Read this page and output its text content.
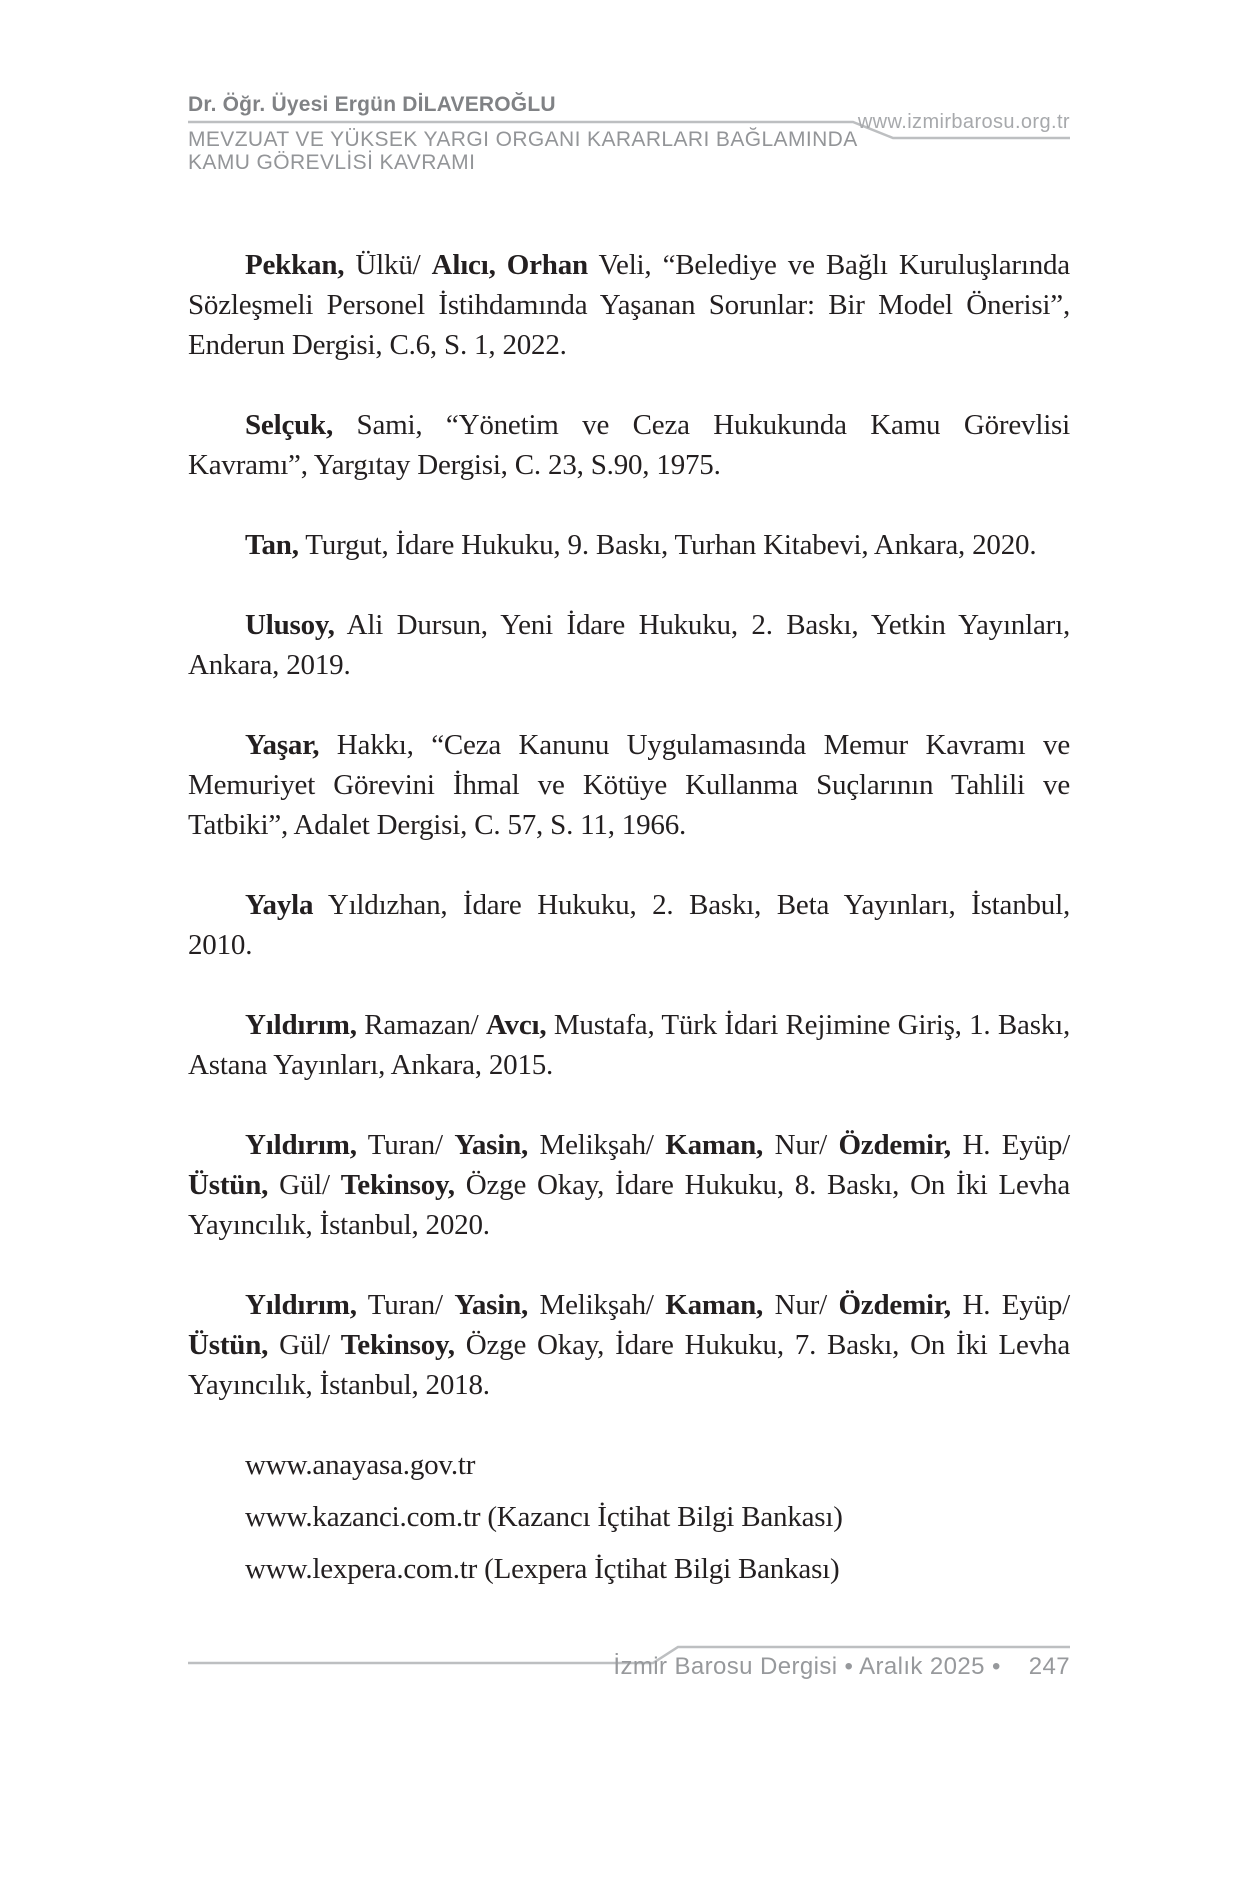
Dr. Öğr. Üyesi Ergün DİLAVEROĞLU
MEVZUAT VE YÜKSEK YARGI ORGANI KARARLARI BAĞLAMINDA
KAMU GÖREVLİSİ KAVRAMI
www.izmirbarosu.org.tr

Pekkan, Ülkü/ Alıcı, Orhan Veli, “Belediye ve Bağlı Kuruluşlarında Sözleşmeli Personel İstihdamında Yaşanan Sorunlar: Bir Model Önerisi”, Enderun Dergisi, C.6, S. 1, 2022.

Selçuk, Sami, “Yönetim ve Ceza Hukukunda Kamu Görevlisi Kavramı”, Yargıtay Dergisi, C. 23, S.90, 1975.

Tan, Turgut, İdare Hukuku, 9. Baskı, Turhan Kitabevi, Ankara, 2020.

Ulusoy, Ali Dursun, Yeni İdare Hukuku, 2. Baskı, Yetkin Yayınları, Ankara, 2019.

Yaşar, Hakkı, “Ceza Kanunu Uygulamasında Memur Kavramı ve Memuriyet Görevini İhmal ve Kötüye Kullanma Suçlarının Tahlili ve Tatbiki”, Adalet Dergisi, C. 57, S. 11, 1966.

Yayla Yıldızhan, İdare Hukuku, 2. Baskı, Beta Yayınları, İstanbul, 2010.

Yıldırım, Ramazan/ Avcı, Mustafa, Türk İdari Rejimine Giriş, 1. Baskı, Astana Yayınları, Ankara, 2015.

Yıldırım, Turan/ Yasin, Melikşah/ Kaman, Nur/ Özdemir, H. Eyüp/ Üstün, Gül/ Tekinsoy, Özge Okay, İdare Hukuku, 8. Baskı, On İki Levha Yayıncılık, İstanbul, 2020.

Yıldırım, Turan/ Yasin, Melikşah/ Kaman, Nur/ Özdemir, H. Eyüp/ Üstün, Gül/ Tekinsoy, Özge Okay, İdare Hukuku, 7. Baskı, On İki Levha Yayıncılık, İstanbul, 2018.

www.anayasa.gov.tr

www.kazanci.com.tr (Kazancı İçtihat Bilgi Bankası)

www.lexpera.com.tr (Lexpera İçtihat Bilgi Bankası)

İzmir Barosu Dergisi • Aralık 2025 • 247
